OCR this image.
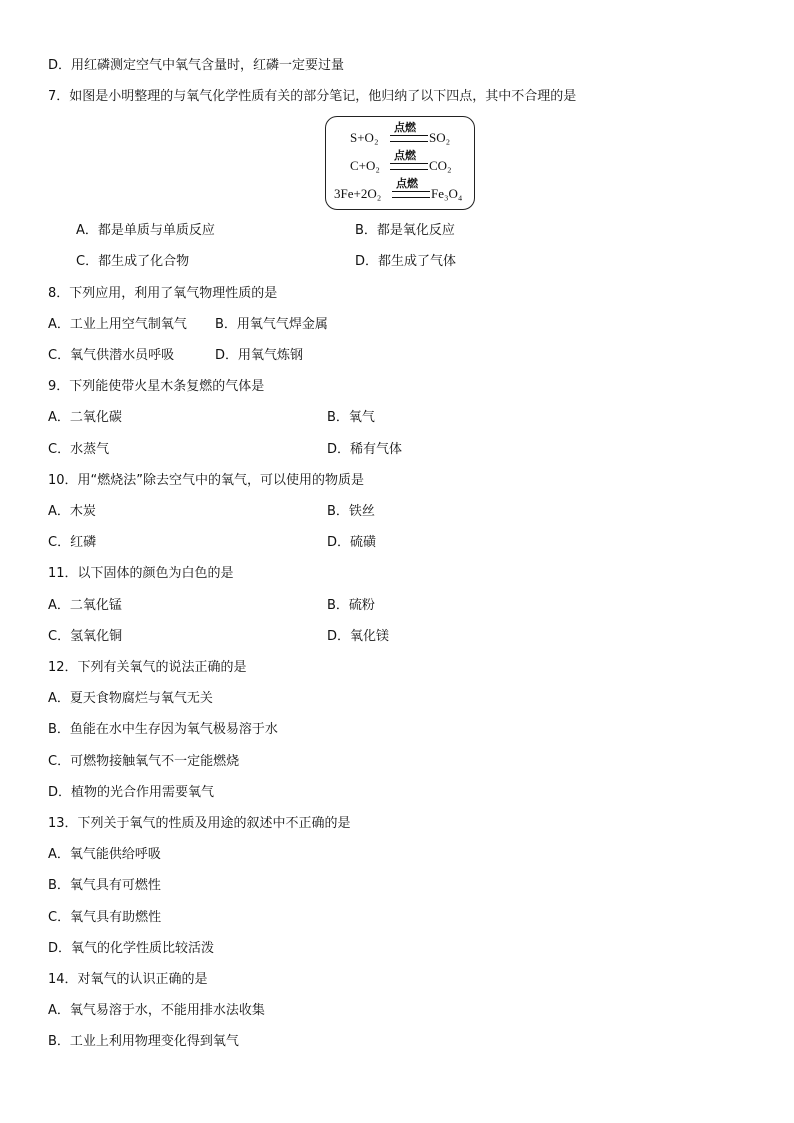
D．用红磷测定空气中氧气含量时，红磷一定要过量
7．如图是小明整理的与氧气化学性质有关的部分笔记，他归纳了以下四点，其中不合理的是
S+O₂
点燃
SO₂
C+O₂
点燃
CO₂
3Fe+2O₂
点燃
Fe₃O₄
A．都是单质与单质反应	B．都是氧化反应
C．都生成了化合物	D．都生成了气体
8．下列应用，利用了氧气物理性质的是
A．工业上用空气制氧气 B．用氧气气焊金属
C．氧气供潜水员呼吸	D．用氧气炼钢
9．下列能使带火星木条复燃的气体是
A．二氧化碳	B．氧气
C．水蒸气	D．稀有气体
10．用“燃烧法”除去空气中的氧气，可以使用的物质是
A．木炭	B．铁丝
C．红磷	D．硫磺
11．以下固体的颜色为白色的是
A．二氧化锰	B．硫粉
C．氢氧化铜	D．氧化镁
12．下列有关氧气的说法正确的是
A．夏天食物腐烂与氧气无关
B．鱼能在水中生存因为氧气极易溶于水
C．可燃物接触氧气不一定能燃烧
D．植物的光合作用需要氧气
13．下列关于氧气的性质及用途的叙述中不正确的是
A．氧气能供给呼吸
B．氧气具有可燃性
C．氧气具有助燃性
D．氧气的化学性质比较活泼
14．对氧气的认识正确的是
A．氧气易溶于水，不能用排水法收集
B．工业上利用物理变化得到氧气
